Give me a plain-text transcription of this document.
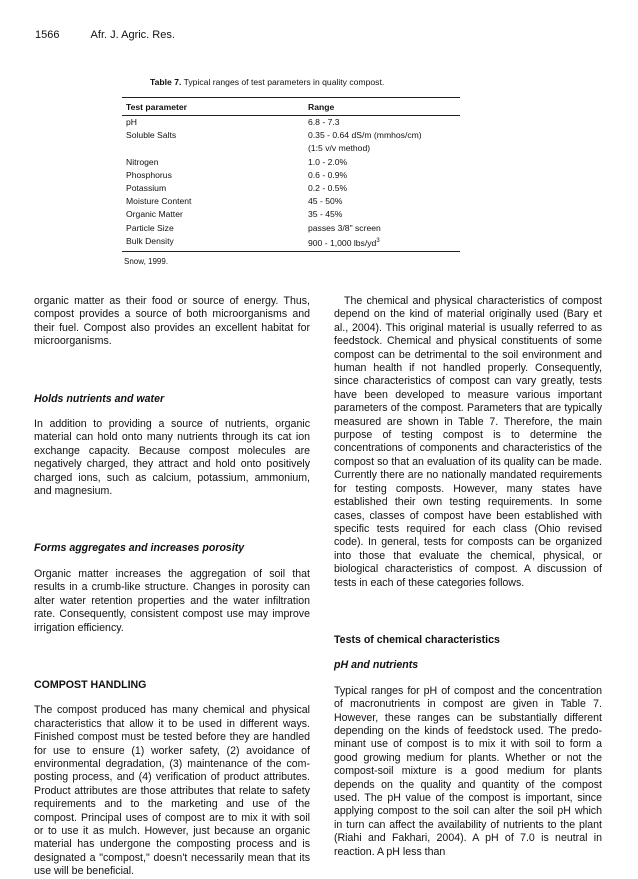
1566	Afr. J. Agric. Res.
Table 7. Typical ranges of test parameters in quality compost.
Test parameter	Range
pH	6.8 - 7.3
Soluble Salts	0.35 - 0.64 dS/m (mmhos/cm)
	(1:5 v/v method)
Nitrogen	1.0 - 2.0%
Phosphorus	0.6 - 0.9%
Potassium	0.2 - 0.5%
Moisture Content	45 - 50%
Organic Matter	35 - 45%
Particle Size	passes 3/8" screen
Bulk Density	900 - 1,000 lbs/$yd^3$
Snow, 1999.

organic matter as their food or source of energy. Thus, compost provides a source of both microorganisms and their fuel. Compost also provides an excellent habitat for microorganisms.

Holds nutrients and water

In addition to providing a source of nutrients, organic material can hold onto many nutrients through its cat ion exchange capacity. Because compost molecules are negatively charged, they attract and hold onto positively charged ions, such as calcium, potassium, ammonium, and magnesium.

Forms aggregates and increases porosity

Organic matter increases the aggregation of soil that results in a crumb-like structure. Changes in porosity can alter water retention properties and the water infiltration rate. Consequently, consistent compost use may improve irrigation efficiency.

COMPOST HANDLING

The compost produced has many chemical and physical characteristics that allow it to be used in different ways. Finished compost must be tested before they are handled for use to ensure (1) worker safety, (2) avoidance of environmental degradation, (3) maintenance of the com-posting process, and (4) verification of product attributes. Product attributes are those attributes that relate to safety requirements and to the marketing and use of the compost. Principal uses of compost are to mix it with soil or to use it as mulch. However, just because an organic material has undergone the composting process and is designated a "compost," doesn't necessarily mean that its use will be beneficial.

The chemical and physical characteristics of compost depend on the kind of material originally used (Bary et al., 2004). This original material is usually referred to as feedstock. Chemical and physical constituents of some compost can be detrimental to the soil environment and human health if not handled properly. Consequently, since characteristics of compost can vary greatly, tests have been developed to measure various important parameters of the compost. Parameters that are typically measured are shown in Table 7. Therefore, the main purpose of testing compost is to determine the concentrations of components and characteristics of the compost so that an evaluation of its quality can be made. Currently there are no nationally mandated requirements for testing composts. However, many states have established their own testing requirements. In some cases, classes of compost have been established with specific tests required for each class (Ohio revised code). In general, tests for composts can be organized into those that evaluate the chemical, physical, or biological characteristics of compost. A discussion of tests in each of these categories follows.

Tests of chemical characteristics
pH and nutrients

Typical ranges for pH of compost and the concentration of macronutrients in compost are given in Table 7. However, these ranges can be substantially different depending on the kinds of feedstock used. The predo-minant use of compost is to mix it with soil to form a good growing medium for plants. Whether or not the compost-soil mixture is a good medium for plants depends on the quality and quantity of the compost used. The pH value of the compost is important, since applying compost to the soil can alter the soil pH which in turn can affect the availability of nutrients to the plant (Riahi and Fakhari, 2004). A pH of 7.0 is neutral in reaction. A pH less than
